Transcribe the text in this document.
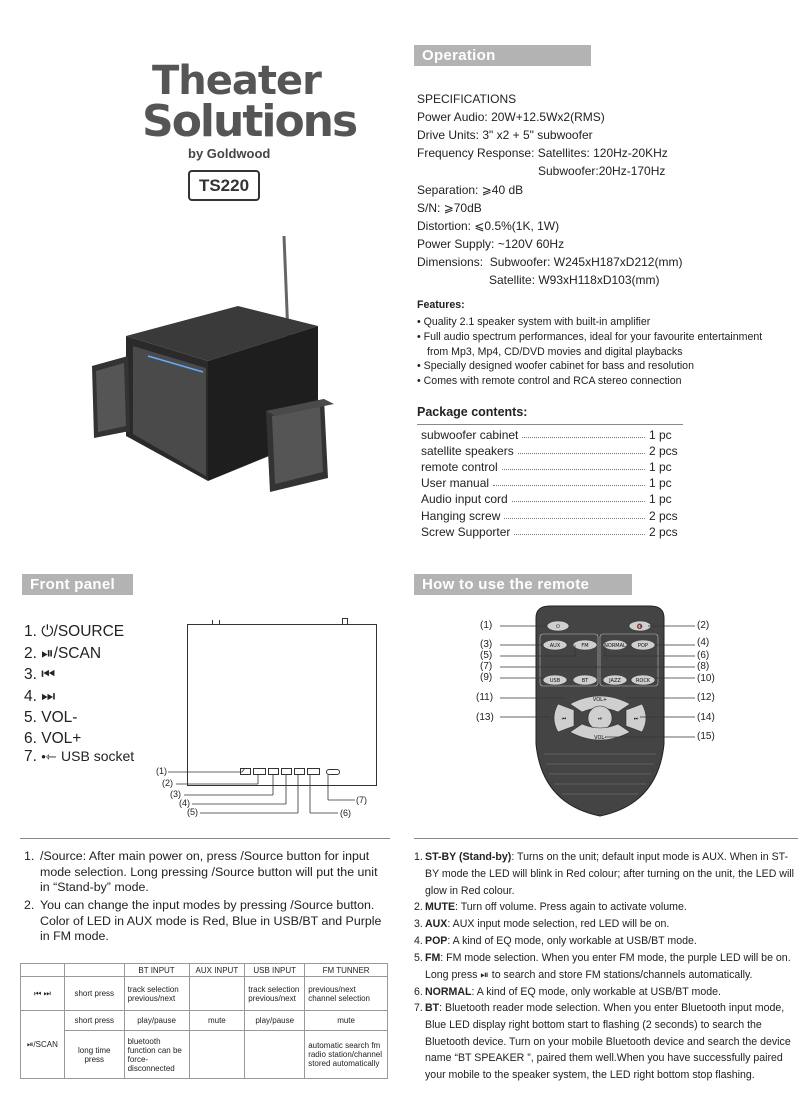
Theater
Solutions
by Goldwood
TS220
Operation explanation:
SPECIFICATIONS
Power Audio: 20W+12.5Wx2(RMS)
Drive Units: 3" x2 + 5" subwoofer
Frequency Response: Satellites: 120Hz-20KHz
Subwoofer:20Hz-170Hz
Separation: ⩾40 dB
S/N: ⩾70dB
Distortion: ⩽0.5%(1K, 1W)
Power Supply: ~120V 60Hz
Dimensions: Subwoofer: W245xH187xD212(mm)
Satellite: W93xH118xD103(mm)
Features:
• Quality 2.1 speaker system with built-in amplifier
• Full audio spectrum performances, ideal for your favourite entertainment
from Mp3, Mp4, CD/DVD movies and digital playbacks
• Specially designed woofer cabinet for bass and resolution
• Comes with remote control and RCA stereo connection
Package contents:
subwoofer cabinet	1 pc
satellite speakers	2 pcs
remote control	1 pc
User manual	1 pc
Audio input cord	1 pc
Hanging screw	2 pcs
Screw Supporter	2 pcs
Front panel
1. ⏻/SOURCE
2. ⏯/SCAN
3. ⏮
4. ⏭
5. VOL-
6. VOL+
7. •⇽ USB socket
(1)
(2)
(3)
(4)
(5)	(6)
(7)
1. /Source: After main power on, press /Source button for input mode selection. Long pressing /Source button will put the unit in “Stand-by” mode.
2. You can change the input modes by pressing /Source button. Color of LED in AUX mode is Red, Blue in USB/BT and Purple in FM mode.
		BT INPUT	AUX INPUT	USB INPUT	FM TUNNER
⏮ ⏭	short press	track selection previous/next		track selection previous/next	previous/next channel selection
⏯/SCAN	short press	play/pause	mute	play/pause	mute
	long time press	bluetooth function can be force-disconnected			automatic search fm radio station/channel stored automatically
How to use the remote control
⏻	🔇
AUX	FM	NORMAL POP
USB	BT	JAZZ	ROCK
VOL+
⏮	⏯	⏭
VOL-
(1)	(2)
(3)	(4)
(5)	(6)
(7)	(8)
(9)	(10)
(11)	(12)
(13)	(14)
(15)
1. ST-BY (Stand-by): Turns on the unit; default input mode is AUX. When in ST-BY mode the LED will blink in Red colour; after turning on the unit, the LED will glow in Red colour.
2. MUTE: Turn off volume. Press again to activate volume.
3. AUX: AUX input mode selection, red LED will be on.
4. POP: A kind of EQ mode, only workable at USB/BT mode.
5. FM: FM mode selection. When you enter FM mode, the purple LED will be on. Long press ⏯ to search and store FM stations/channels automatically.
6. NORMAL: A kind of EQ mode, only workable at USB/BT mode.
7. BT: Bluetooth reader mode selection. When you enter Bluetooth input mode, Blue LED display right bottom start to flashing (2 seconds) to search the Bluetooth device. Turn on your mobile Bluetooth device and search the device name “BT SPEAKER ”, paired them well.When you have successfully paired your mobile to the speaker system, the LED right bottom stop flashing.
